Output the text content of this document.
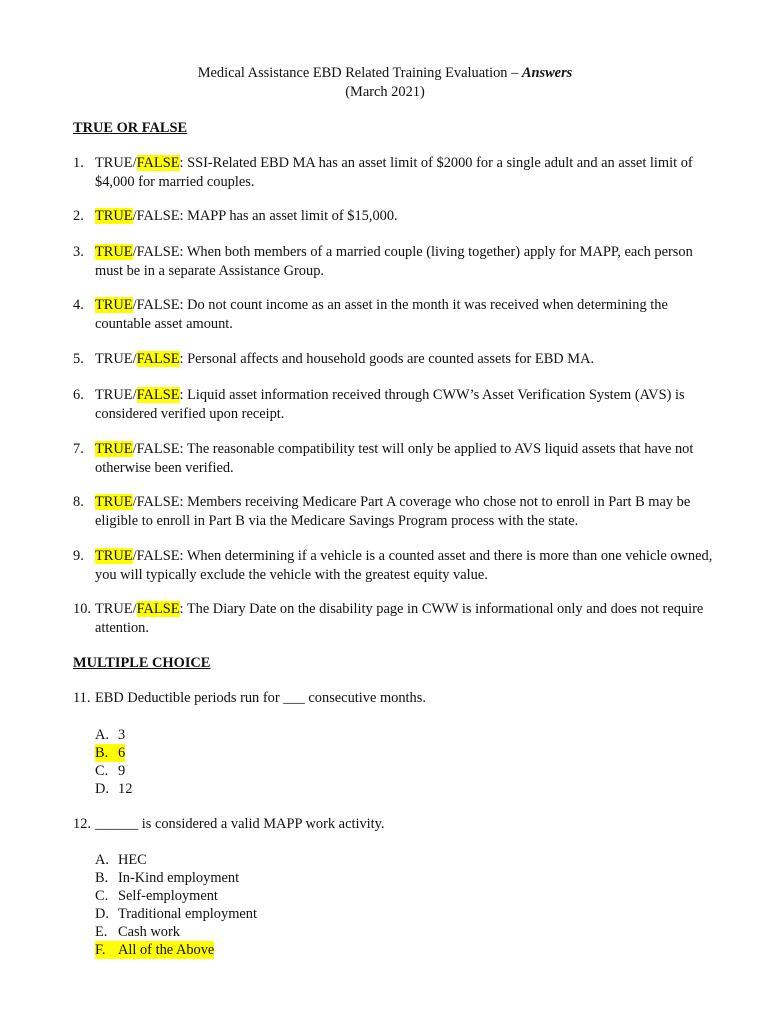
Medical Assistance EBD Related Training Evaluation – Answers
(March 2021)
TRUE OR FALSE
1. TRUE/FALSE: SSI-Related EBD MA has an asset limit of $2000 for a single adult and an asset limit of $4,000 for married couples.
2. TRUE/FALSE: MAPP has an asset limit of $15,000.
3. TRUE/FALSE: When both members of a married couple (living together) apply for MAPP, each person must be in a separate Assistance Group.
4. TRUE/FALSE: Do not count income as an asset in the month it was received when determining the countable asset amount.
5. TRUE/FALSE: Personal affects and household goods are counted assets for EBD MA.
6. TRUE/FALSE: Liquid asset information received through CWW’s Asset Verification System (AVS) is considered verified upon receipt.
7. TRUE/FALSE: The reasonable compatibility test will only be applied to AVS liquid assets that have not otherwise been verified.
8. TRUE/FALSE: Members receiving Medicare Part A coverage who chose not to enroll in Part B may be eligible to enroll in Part B via the Medicare Savings Program process with the state.
9. TRUE/FALSE: When determining if a vehicle is a counted asset and there is more than one vehicle owned, you will typically exclude the vehicle with the greatest equity value.
10. TRUE/FALSE: The Diary Date on the disability page in CWW is informational only and does not require attention.
MULTIPLE CHOICE
11. EBD Deductible periods run for ___ consecutive months.
A. 3
B. 6
C. 9
D. 12
12. ______ is considered a valid MAPP work activity.
A. HEC
B. In-Kind employment
C. Self-employment
D. Traditional employment
E. Cash work
F. All of the Above
